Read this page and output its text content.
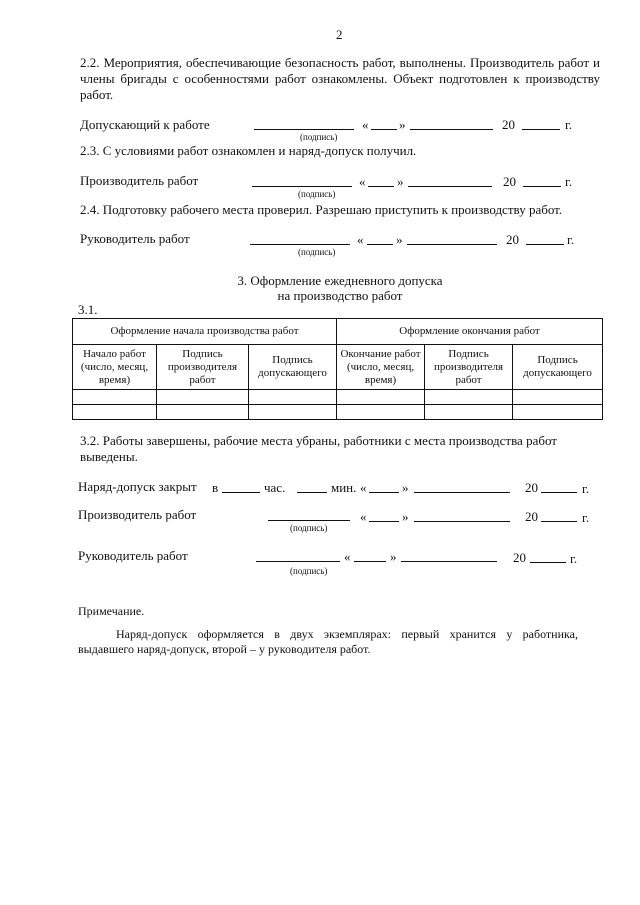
2
2.2. Мероприятия, обеспечивающие безопасность работ, выполнены. Производитель работ и члены бригады с особенностями работ ознакомлены. Объект подготовлен к производству работ.
Допускающий к работе
(подпись)
« »	20	г.
2.3. С условиями работ ознакомлен и наряд-допуск получил.
Производитель работ
(подпись)
« »	20	г.
2.4. Подготовку рабочего места проверил. Разрешаю приступить к производству работ.
Руководитель работ
(подпись)
«	»	20	г.
3. Оформление ежедневного допуска
на производство работ
3.1.
Оформление начала производства работ			Оформление окончания работ		
Начало работ (число, месяц, время)	Подпись производителя работ	Подпись допускающего	Окончание работ (число, месяц, время)	Подпись производителя работ	Подпись допускающего

3.2. Работы завершены, рабочие места убраны, работники с места производства работ выведены.
Наряд-допуск закрыт в	час.	мин. «	»	20	г.
Производитель работ
(подпись)
«	»	20	г.
Руководитель работ
(подпись)
«	»	20	г.
Примечание.
Наряд-допуск оформляется в двух экземплярах: первый хранится у работника, выдавшего наряд-допуск, второй – у руководителя работ.
